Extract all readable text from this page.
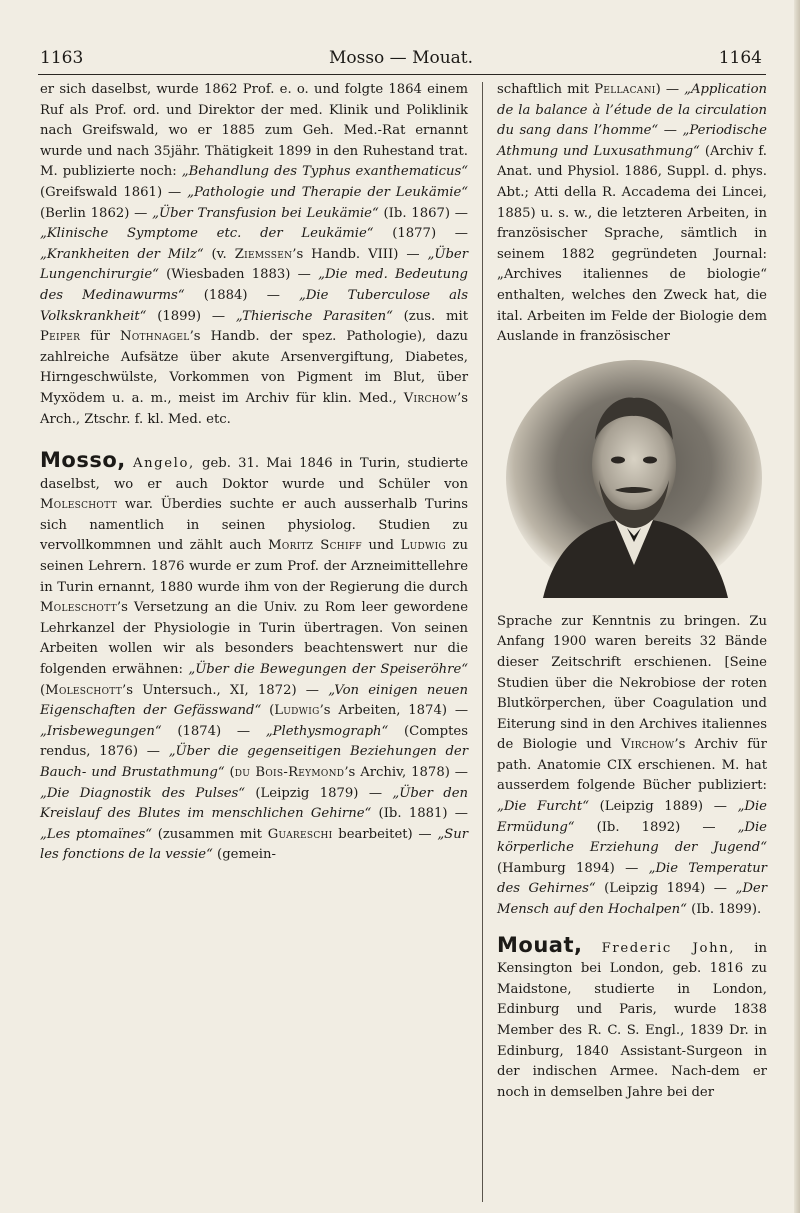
1163	Mosso — Mouat.	1164

er sich daselbst, wurde 1862 Prof. e. o. und folgte 1864 einem Ruf als Prof. ord. und Direktor der med. Klinik und Poliklinik nach Greifswald, wo er 1885 zum Geh. Med.-Rat ernannt wurde und nach 35jähr. Thätigkeit 1899 in den Ruhestand trat. M. publizierte noch: „Behandlung des Typhus exanthematicus“ (Greifswald 1861) — „Pathologie und Therapie der Leukämie“ (Berlin 1862) — „Über Transfusion bei Leukämie“ (Ib. 1867) — „Klinische Symptome etc. der Leukämie“ (1877) — „Krankheiten der Milz“ (v. Ziemssen’s Handb. VIII) — „Über Lungenchirurgie“ (Wiesbaden 1883) — „Die med. Bedeutung des Medinawurms“ (1884) — „Die Tuberculose als Volkskrankheit“ (1899) — „Thierische Parasiten“ (zus. mit Peiper für Nothnagel’s Handb. der spez. Pathologie), dazu zahlreiche Aufsätze über akute Arsenvergiftung, Diabetes, Hirngeschwülste, Vorkommen von Pigment im Blut, über Myxödem u. a. m., meist im Archiv für klin. Med., Virchow’s Arch., Ztschr. f. kl. Med. etc.

Mosso, Angelo, geb. 31. Mai 1846 in Turin, studierte daselbst, wo er auch Doktor wurde und Schüler von Moleschott war. Überdies suchte er auch ausserhalb Turins sich namentlich in seinen physiolog. Studien zu vervollkommnen und zählt auch Moritz Schiff und Ludwig zu seinen Lehrern. 1876 wurde er zum Prof. der Arzneimittellehre in Turin ernannt, 1880 wurde ihm von der Regierung die durch Moleschott’s Versetzung an die Univ. zu Rom leer gewordene Lehrkanzel der Physiologie in Turin übertragen. Von seinen Arbeiten wollen wir als besonders beachtenswert nur die folgenden erwähnen: „Über die Bewegungen der Speiseröhre“ (Moleschott’s Untersuch., XI, 1872) — „Von einigen neuen Eigenschaften der Gefässwand“ (Ludwig’s Arbeiten, 1874) — „Irisbewegungen“ (1874) — „Plethysmograph“ (Comptes rendus, 1876) — „Über die gegenseitigen Beziehungen der Bauch- und Brustathmung“ (du Bois-Reymond’s Archiv, 1878) — „Die Diagnostik des Pulses“ (Leipzig 1879) — „Über den Kreislauf des Blutes im menschlichen Gehirne“ (Ib. 1881) — „Les ptomaïnes“ (zusammen mit Guareschi bearbeitet) — „Sur les fonctions de la vessie“ (gemein-

schaftlich mit Pellacani) — „Application de la balance à l’étude de la circulation du sang dans l’homme“ — „Periodische Athmung und Luxusathmung“ (Archiv f. Anat. und Physiol. 1886, Suppl. d. phys. Abt.; Atti della R. Accadema dei Lincei, 1885) u. s. w., die letzteren Arbeiten, in französischer Sprache, sämtlich in seinem 1882 gegründeten Journal: „Archives italiennes de biologie“ enthalten, welches den Zweck hat, die ital. Arbeiten im Felde der Biologie dem Auslande in französischer

Sprache zur Kenntnis zu bringen. Zu Anfang 1900 waren bereits 32 Bände dieser Zeitschrift erschienen. [Seine Studien über die Nekrobiose der roten Blutkörperchen, über Coagulation und Eiterung sind in den Archives italiennes de Biologie und Virchow’s Archiv für path. Anatomie CIX erschienen. M. hat ausserdem folgende Bücher publiziert: „Die Furcht“ (Leipzig 1889) — „Die Ermüdung“ (Ib. 1892) — „Die körperliche Erziehung der Jugend“ (Hamburg 1894) — „Die Temperatur des Gehirnes“ (Leipzig 1894) — „Der Mensch auf den Hochalpen“ (Ib. 1899).

Mouat, Frederic John, in Kensington bei London, geb. 1816 zu Maidstone, studierte in London, Edinburg und Paris, wurde 1838 Member des R. C. S. Engl., 1839 Dr. in Edinburg, 1840 Assistant-Surgeon in der indischen Armee. Nach-dem er noch in demselben Jahre bei der
